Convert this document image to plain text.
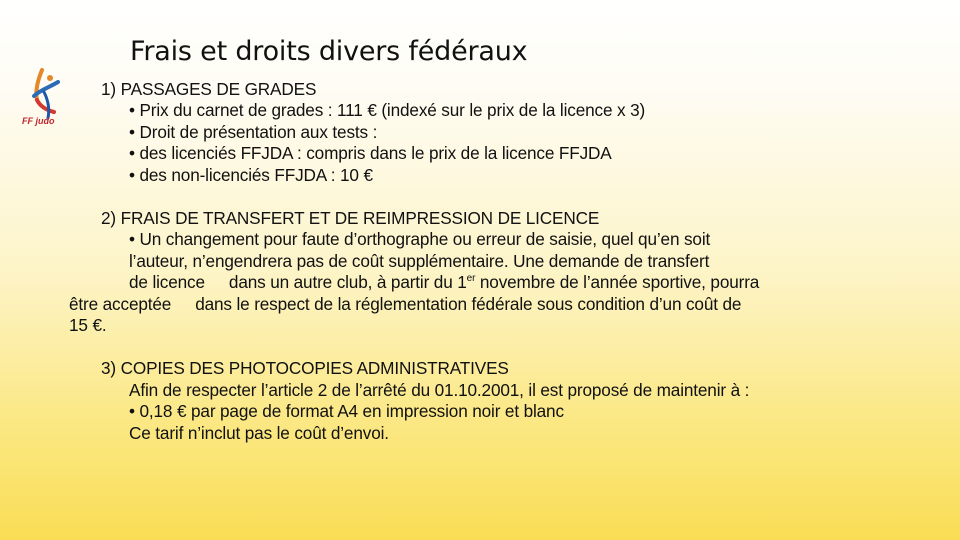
FF judo
Frais et droits divers fédéraux
1) PASSAGES DE GRADES
• Prix du carnet de grades : 111 € (indexé sur le prix de la licence x 3)
• Droit de présentation aux tests :
• des licenciés FFJDA : compris dans le prix de la licence FFJDA
• des non-licenciés FFJDA : 10 €
2) FRAIS DE TRANSFERT ET DE REIMPRESSION DE LICENCE
• Un changement pour faute d’orthographe ou erreur de saisie, quel qu’en soit
l’auteur, n’engendrera pas de coût supplémentaire. Une demande de transfert
de licence dans un autre club, à partir du 1er novembre de l’année sportive, pourra
être acceptée dans le respect de la réglementation fédérale sous condition d’un coût de
15 €.
3) COPIES DES PHOTOCOPIES ADMINISTRATIVES
Afin de respecter l’article 2 de l’arrêté du 01.10.2001, il est proposé de maintenir à :
• 0,18 € par page de format A4 en impression noir et blanc
Ce tarif n’inclut pas le coût d’envoi.
